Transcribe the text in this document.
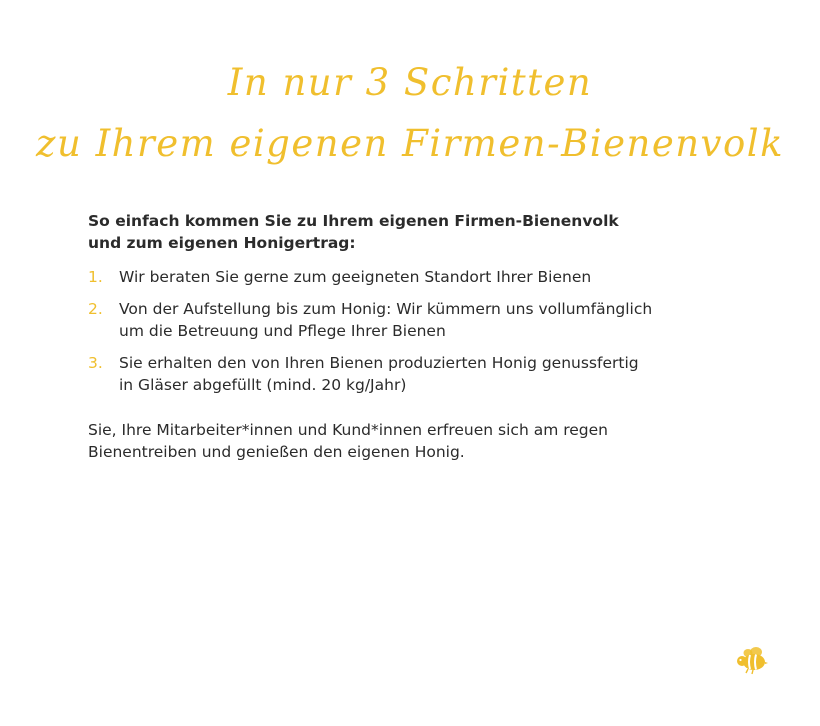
In nur 3 Schritten
zu Ihrem eigenen Firmen-Bienenvolk

So einfach kommen Sie zu Ihrem eigenen Firmen-Bienenvolk
und zum eigenen Honigertrag:

1. Wir beraten Sie gerne zum geeigneten Standort Ihrer Bienen
2. Von der Aufstellung bis zum Honig: Wir kümmern uns vollumfänglich
um die Betreuung und Pflege Ihrer Bienen
3. Sie erhalten den von Ihren Bienen produzierten Honig genussfertig
in Gläser abgefüllt (mind. 20 kg/Jahr)

Sie, Ihre Mitarbeiter*innen und Kund*innen erfreuen sich am regen
Bienentreiben und genießen den eigenen Honig.
